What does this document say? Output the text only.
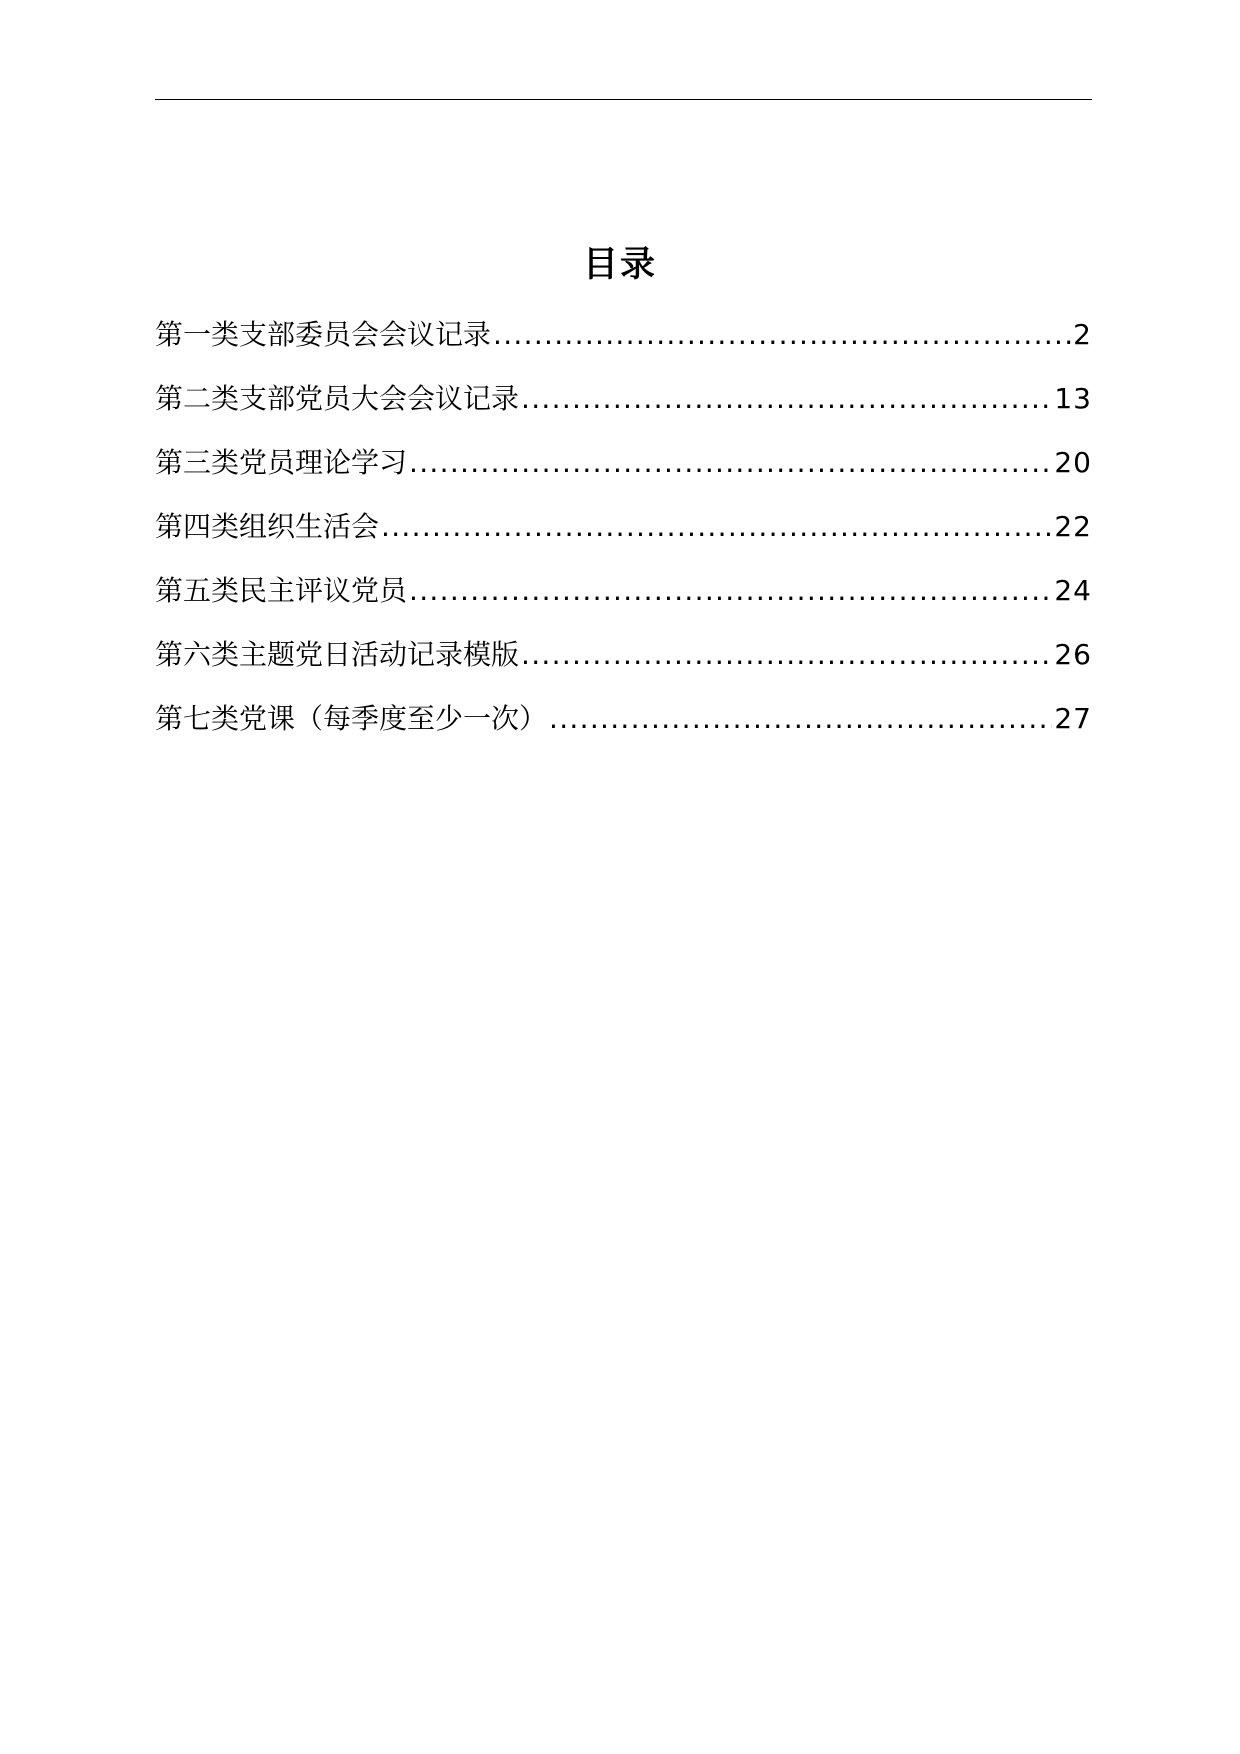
目录
第一类支部委员会会议记录 .....	2
第二类支部党员大会会议记录 .....	13
第三类党员理论学习 .....	20
第四类组织生活会 .....	22
第五类民主评议党员 .....	24
第六类主题党日活动记录模版 .....	26
第七类党课（每季度至少一次） .....	27
